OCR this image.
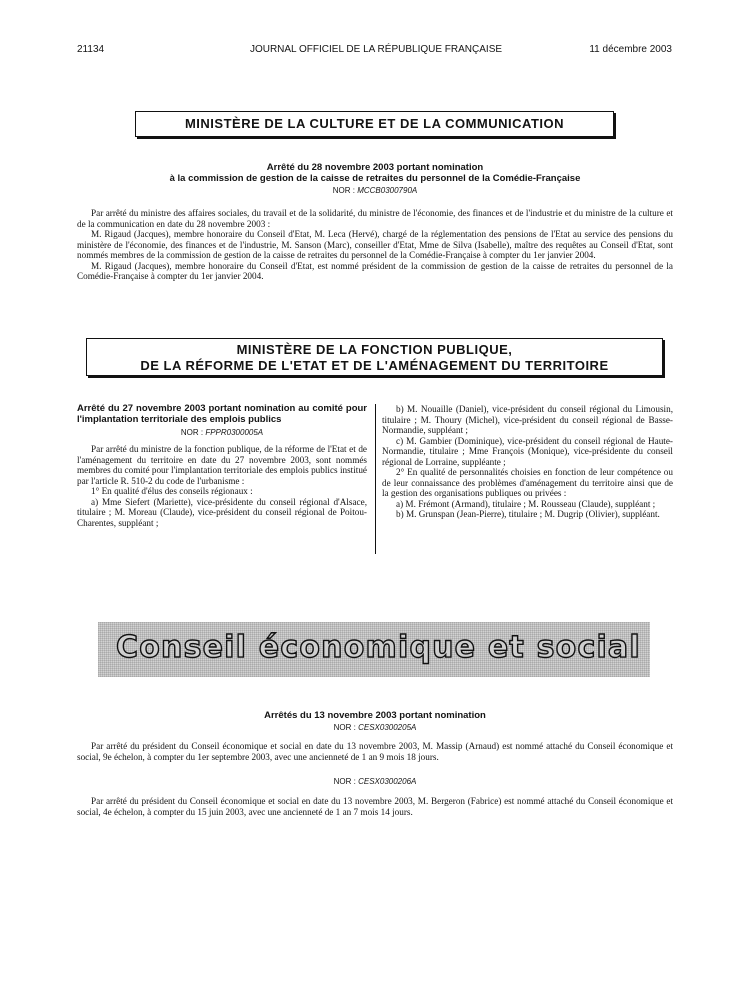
21134	JOURNAL OFFICIEL DE LA RÉPUBLIQUE FRANÇAISE	11 décembre 2003
MINISTÈRE DE LA CULTURE ET DE LA COMMUNICATION
Arrêté du 28 novembre 2003 portant nomination
à la commission de gestion de la caisse de retraites du personnel de la Comédie-Française
NOR : MCCB0300790A

Par arrêté du ministre des affaires sociales, du travail et de la solidarité, du ministre de l'économie, des finances et de l'industrie et du ministre de la culture et de la communication en date du 28 novembre 2003 :

M. Rigaud (Jacques), membre honoraire du Conseil d'Etat, M. Leca (Hervé), chargé de la réglementation des pensions de l'Etat au service des pensions du ministère de l'économie, des finances et de l'industrie, M. Sanson (Marc), conseiller d'Etat, Mme de Silva (Isabelle), maître des requêtes au Conseil d'Etat, sont nommés membres de la commission de gestion de la caisse de retraites du personnel de la Comédie-Française à compter du 1er janvier 2004.

M. Rigaud (Jacques), membre honoraire du Conseil d'Etat, est nommé président de la commission de gestion de la caisse de retraites du personnel de la Comédie-Française à compter du 1er janvier 2004.

MINISTÈRE DE LA FONCTION PUBLIQUE,
DE LA RÉFORME DE L'ETAT ET DE L'AMÉNAGEMENT DU TERRITOIRE
Arrêté du 27 novembre 2003 portant nomination au comité pour l'implantation territoriale des emplois publics
NOR : FPPR0300005A

Par arrêté du ministre de la fonction publique, de la réforme de l'Etat et de l'aménagement du territoire en date du 27 novembre 2003, sont nommés membres du comité pour l'implantation territoriale des emplois publics institué par l'article R. 510-2 du code de l'urbanisme :

1° En qualité d'élus des conseils régionaux :

a) Mme Siefert (Mariette), vice-présidente du conseil régional d'Alsace, titulaire ; M. Moreau (Claude), vice-président du conseil régional de Poitou-Charentes, suppléant ;

b) M. Nouaille (Daniel), vice-président du conseil régional du Limousin, titulaire ; M. Thoury (Michel), vice-président du conseil régional de Basse-Normandie, suppléant ;

c) M. Gambier (Dominique), vice-président du conseil régional de Haute-Normandie, titulaire ; Mme François (Monique), vice-présidente du conseil régional de Lorraine, suppléante ;

2° En qualité de personnalités choisies en fonction de leur compétence ou de leur connaissance des problèmes d'aménagement du territoire ainsi que de la gestion des organisations publiques ou privées :

a) M. Frémont (Armand), titulaire ; M. Rousseau (Claude), suppléant ;

b) M. Grunspan (Jean-Pierre), titulaire ; M. Dugrip (Olivier), suppléant.

Conseil économique et social
Arrêtés du 13 novembre 2003 portant nomination
NOR : CESX0300205A

Par arrêté du président du Conseil économique et social en date du 13 novembre 2003, M. Massip (Arnaud) est nommé attaché du Conseil économique et social, 9e échelon, à compter du 1er septembre 2003, avec une ancienneté de 1 an 9 mois 18 jours.

NOR : CESX0300206A

Par arrêté du président du Conseil économique et social en date du 13 novembre 2003, M. Bergeron (Fabrice) est nommé attaché du Conseil économique et social, 4e échelon, à compter du 15 juin 2003, avec une ancienneté de 1 an 7 mois 14 jours.
